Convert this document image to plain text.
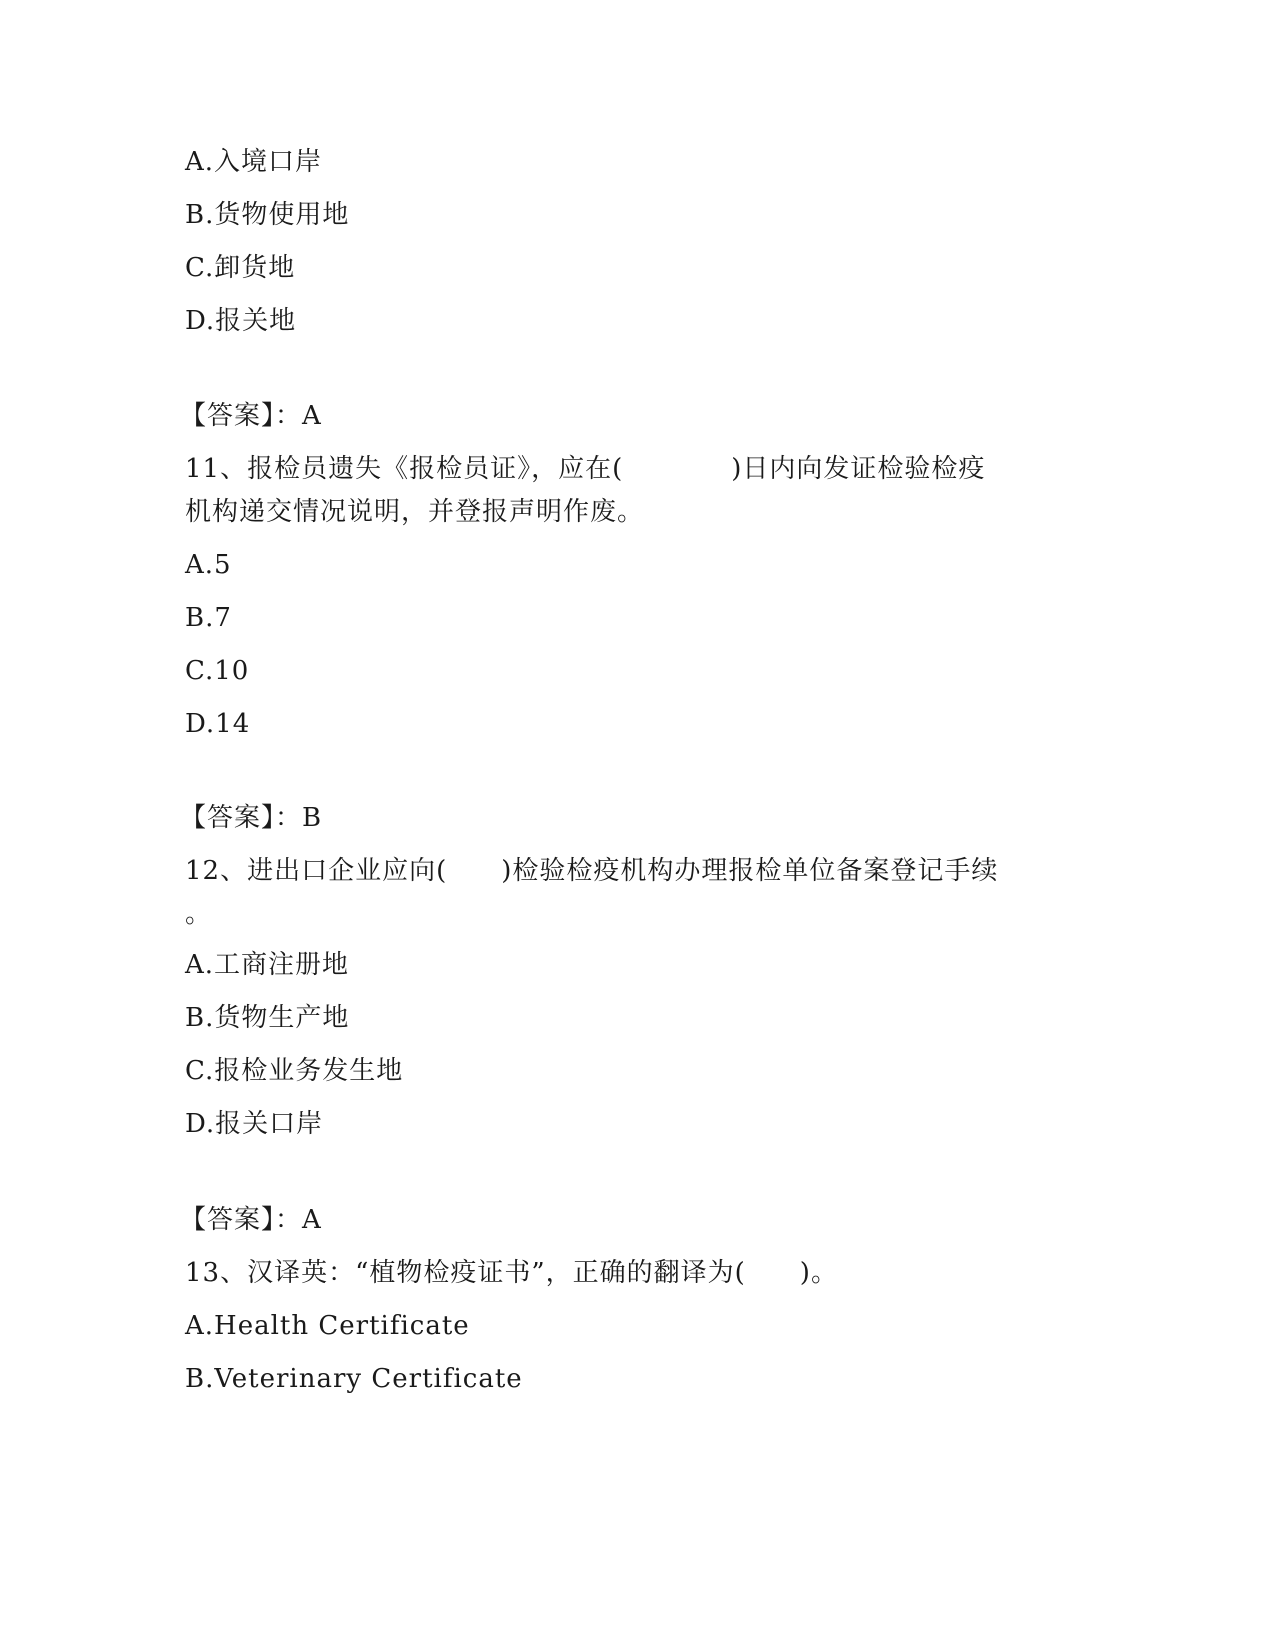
A.入境口岸
B.货物使用地
C.卸货地
D.报关地
【答案】：A
11、报检员遗失《报检员证》，应在(　　　　)日内向发证检验检疫
机构递交情况说明，并登报声明作废。
A.5
B.7
C.10
D.14
【答案】：B
12、进出口企业应向(　　)检验检疫机构办理报检单位备案登记手续
。
A.工商注册地
B.货物生产地
C.报检业务发生地
D.报关口岸
【答案】：A
13、汉译英：“植物检疫证书”，正确的翻译为(　　)。
A.Health Certificate
B.Veterinary Certificate
